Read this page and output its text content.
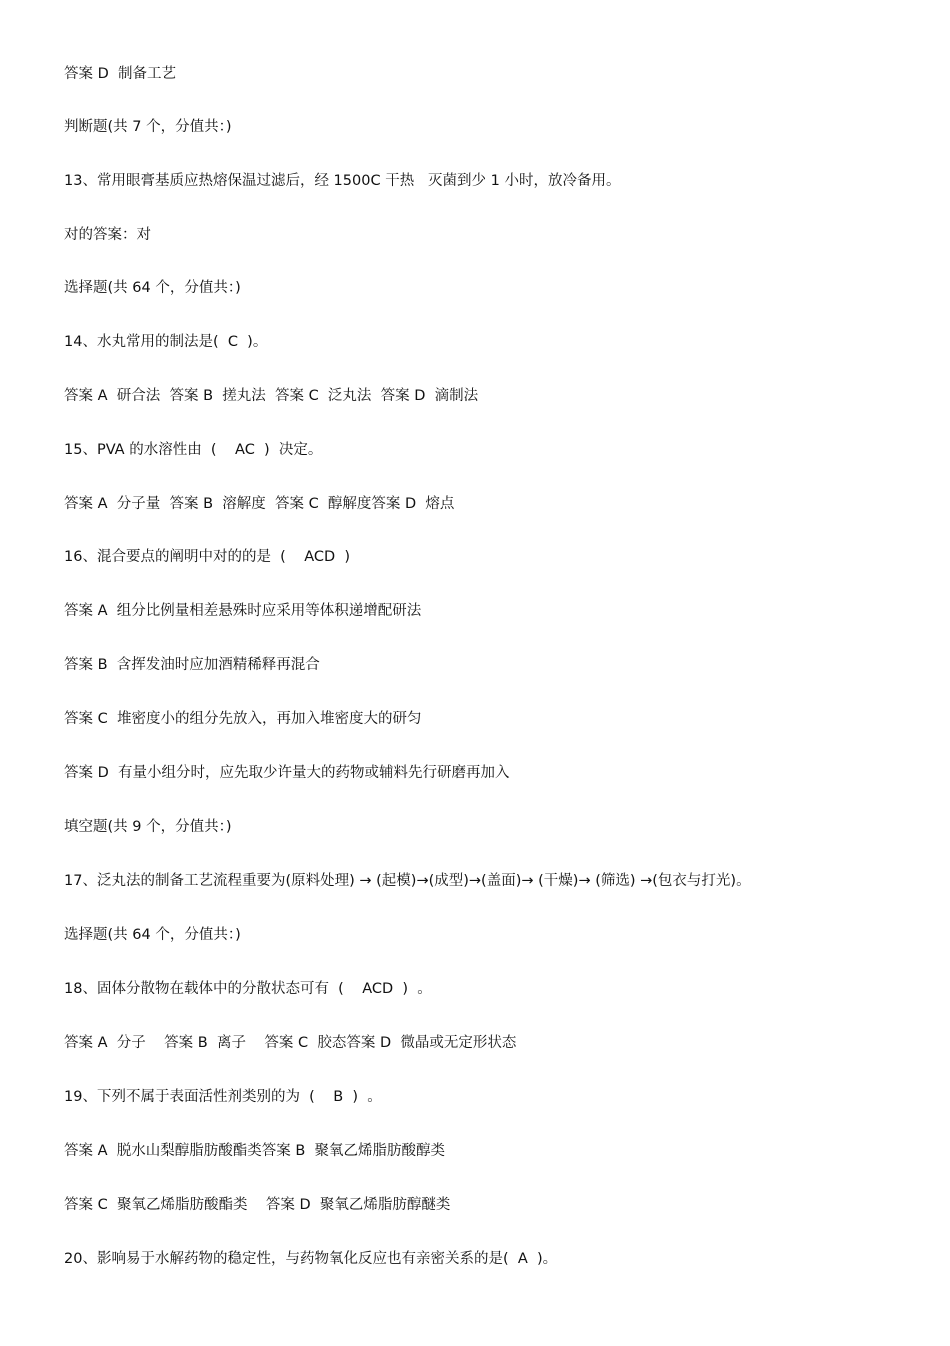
答案 D  制备工艺
判断题(共 7 个，分值共：)
13、常用眼膏基质应热熔保温过滤后，经 1500C 干热   灭菌到少 1 小时，放冷备用。
对的答案：对
选择题(共 64 个，分值共：)
14、水丸常用的制法是(  C  )。
答案 A  研合法  答案 B  搓丸法  答案 C  泛丸法  答案 D  滴制法
15、PVA 的水溶性由  (    AC  )  决定。
答案 A  分子量  答案 B  溶解度  答案 C  醇解度答案 D  熔点
16、混合要点的阐明中对的的是  (    ACD  )
答案 A  组分比例量相差悬殊时应采用等体积递增配研法
答案 B  含挥发油时应加酒精稀释再混合
答案 C  堆密度小的组分先放入，再加入堆密度大的研匀
答案 D  有量小组分时，应先取少许量大的药物或辅料先行研磨再加入
填空题(共 9 个，分值共：)
17、泛丸法的制备工艺流程重要为(原料处理) → (起模)→(成型)→(盖面)→ (干燥)→ (筛选) →(包衣与打光)。
选择题(共 64 个，分值共：)
18、固体分散物在载体中的分散状态可有  (    ACD  )  。
答案 A  分子    答案 B  离子    答案 C  胶态答案 D  微晶或无定形状态
19、下列不属于表面活性剂类别的为  (    B  )  。
答案 A  脱水山梨醇脂肪酸酯类答案 B  聚氧乙烯脂肪酸醇类
答案 C  聚氧乙烯脂肪酸酯类    答案 D  聚氧乙烯脂肪醇醚类
20、影响易于水解药物的稳定性，与药物氧化反应也有亲密关系的是(  A  )。
